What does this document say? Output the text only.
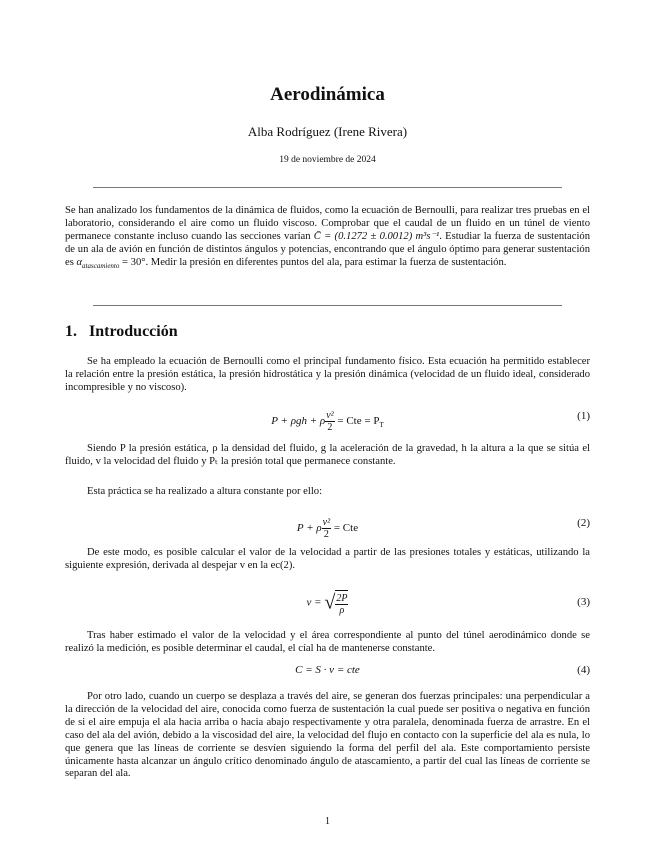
Aerodinámica
Alba Rodríguez (Irene Rivera)
19 de noviembre de 2024
Se han analizado los fundamentos de la dinámica de fluidos, como la ecuación de Bernoulli, para realizar tres pruebas en el laboratorio, considerando el aire como un fluido viscoso. Comprobar que el caudal de un fluido en un túnel de viento permanece constante incluso cuando las secciones varían C̄ = (0.1272 ± 0.0012) m³s⁻¹. Estudiar la fuerza de sustentación de un ala de avión en función de distintos ángulos y potencias, encontrando que el ángulo óptimo para generar sustentación es $\alpha_{atascamiento} = 30^\circ$. Medir la presión en diferentes puntos del ala, para estimar la fuerza de sustentación.
1. Introducción
Se ha empleado la ecuación de Bernoulli como el principal fundamento físico. Esta ecuación ha permitido establecer la relación entre la presión estática, la presión hidrostática y la presión dinámica (velocidad de un fluido ideal, considerado incompresible y no viscoso).
P + ρgh + ρ $\frac{\text{v²}}{2}$ = Cte = $P_T$
(1)
Siendo P la presión estática, ρ la densidad del fluido, g la aceleración de la gravedad, h la altura a la que se sitúa el fluido, v la velocidad del fluido y Pₜ la presión total que permanece constante.
Esta práctica se ha realizado a altura constante por ello:
P + ρ $\frac{\text{v²}}{2}$ = Cte	(2)
De este modo, es posible calcular el valor de la velocidad a partir de las presiones totales y estáticas, utilizando la siguiente expresión, derivada al despejar v en la ec(2).
v = √ $\frac{2P}{\rho}$	(3)
Tras haber estimado el valor de la velocidad y el área correspondiente al punto del túnel aerodinámico donde se realizó la medición, es posible determinar el caudal, el cíal ha de mantenerse constante.
C = S · v = cte	(4)
Por otro lado, cuando un cuerpo se desplaza a través del aire, se generan dos fuerzas principales: una perpendicular a la dirección de la velocidad del aire, conocida como fuerza de sustentación la cual puede ser positiva o negativa en función de si el aire empuja el ala hacia arriba o hacia abajo respectivamente y otra paralela, denominada fuerza de arrastre. En el caso del ala del avión, debido a la viscosidad del aire, la velocidad del flujo en contacto con la superficie del ala es nula, lo que genera que las líneas de corriente se desvíen siguiendo la forma del perfil del ala. Este comportamiento persiste únicamente hasta alcanzar un ángulo crítico denominado ángulo de atascamiento, a partir del cual las líneas de corriente se separan del ala.
1
